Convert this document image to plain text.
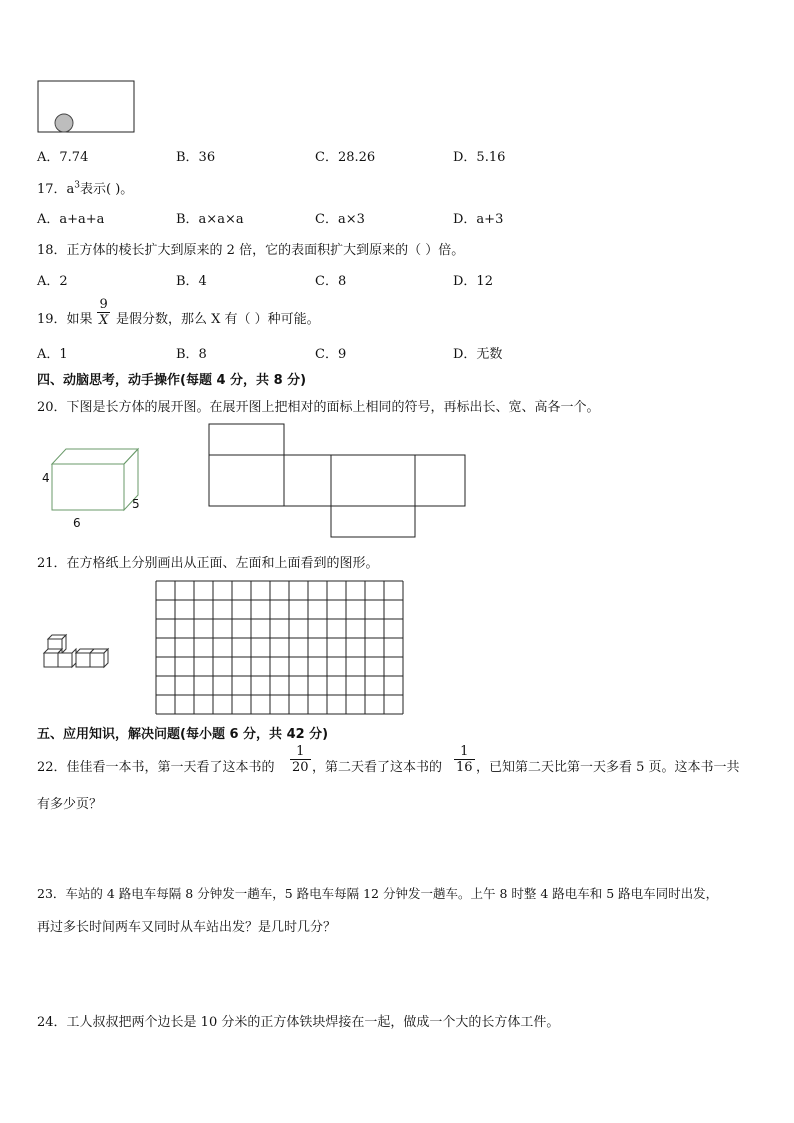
A．7.74	B．36	C．28.26	D．5.16
17．$a^3$表示( )。
A．a+a+a	B．a×a×a	C．a×3	D．a+3
18．正方体的棱长扩大到原来的 2 倍，它的表面积扩大到原来的（ ）倍。
A．2	B．4	C．8	D．12
19．如果 $\frac{9}{X}$ 是假分数，那么 X 有（ ）种可能。
A．1	B．8	C．9	D．无数
四、动脑思考，动手操作(每题 4 分，共 8 分)
20．下图是长方体的展开图。在展开图上把相对的面标上相同的符号，再标出长、宽、高各一个。
4
6
5
21．在方格纸上分别画出从正面、左面和上面看到的图形。
五、应用知识，解决问题(每小题 6 分，共 42 分)
22．佳佳看一本书，第一天看了这本书的 $\frac{1}{20}$ ，第二天看了这本书的 $\frac{1}{16}$ ，已知第二天比第一天多看 5 页。这本书一共
有多少页？
23．车站的 4 路电车每隔 8 分钟发一趟车，5 路电车每隔 12 分钟发一趟车。上午 8 时整 4 路电车和 5 路电车同时出发，
再过多长时间两车又同时从车站出发？是几时几分？
24．工人叔叔把两个边长是 10 分米的正方体铁块焊接在一起，做成一个大的长方体工件。
